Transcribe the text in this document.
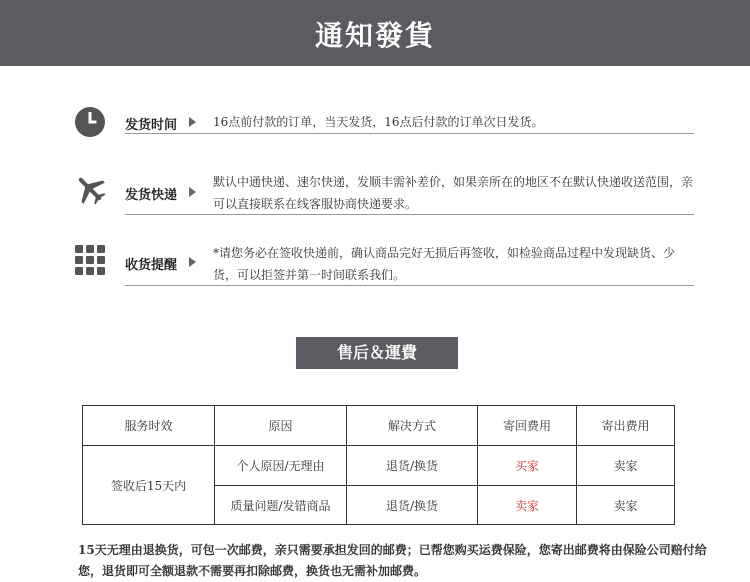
通知發貨
发货时间	16点前付款的订单，当天发货，16点后付款的订单次日发货。
发货快递
默认中通快递、速尔快递，发顺丰需补差价，如果亲所在的地区不在默认快递收送范围，亲可以直接联系在线客服协商快递要求。
收货提醒
*请您务必在签收快递前，确认商品完好无损后再签收，如检验商品过程中发现缺货、少货，可以拒签并第一时间联系我们。
售后＆運費
服务时效	原因	解决方式	寄回费用	寄出费用
签收后15天内	个人原因/无理由	退货/换货	买家	卖家
	质量问题/发错商品	退货/换货	卖家	卖家
15天无理由退换货，可包一次邮费，亲只需要承担发回的邮费；已帮您购买运费保险，您寄出邮费将由保险公司赔付给您，退货即可全额退款不需要再扣除邮费，换货也无需补加邮费。
